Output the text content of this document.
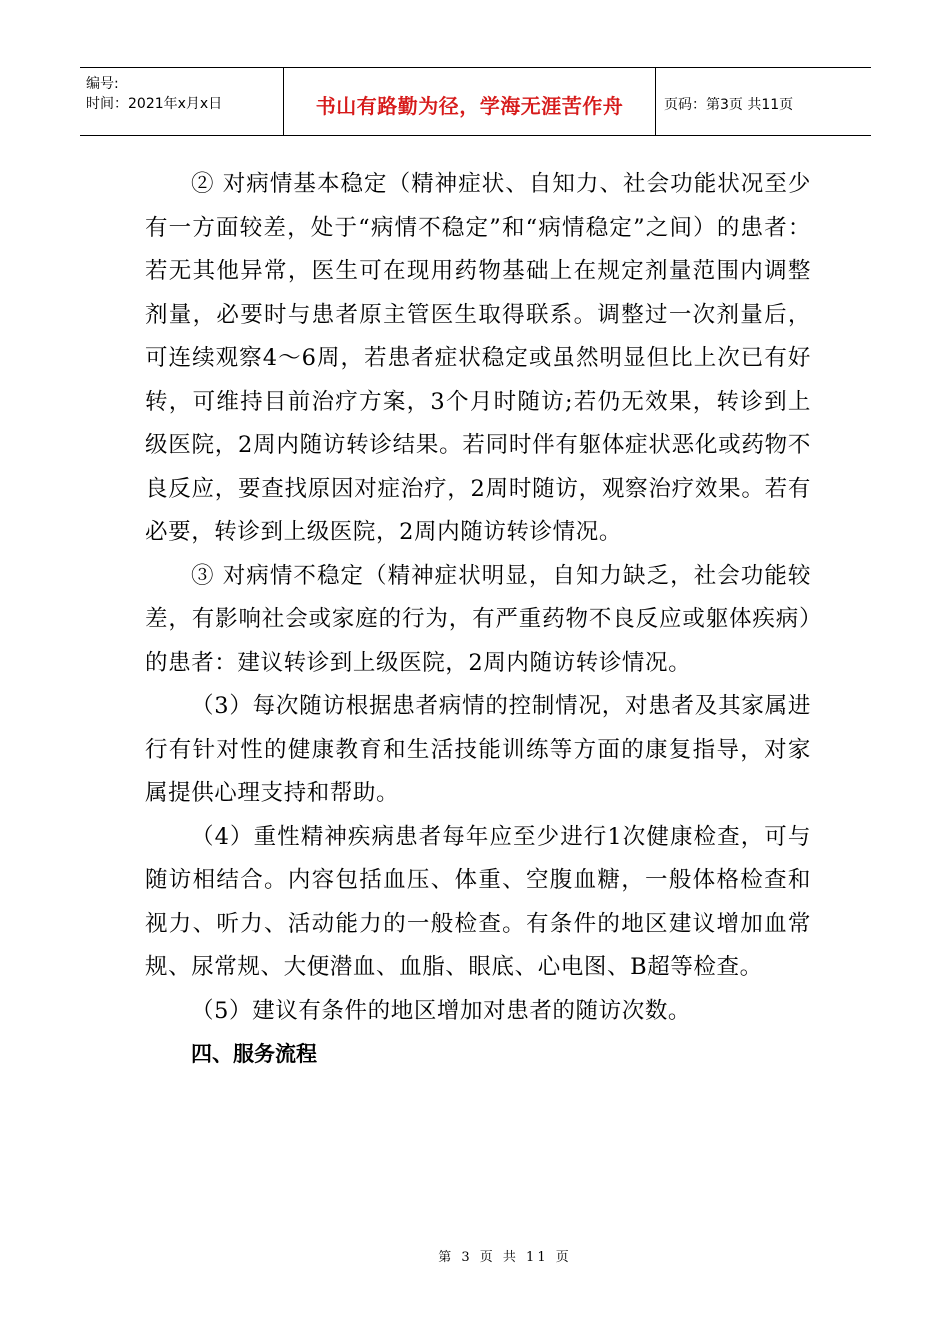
编号:
时间：2021年x月x日	书山有路勤为径，学海无涯苦作舟	页码：第3页 共11页

② 对病情基本稳定（精神症状、自知力、社会功能状况至少有一方面较差，处于“病情不稳定”和“病情稳定”之间）的患者：若无其他异常，医生可在现用药物基础上在规定剂量范围内调整剂量，必要时与患者原主管医生取得联系。调整过一次剂量后，可连续观察4～6周，若患者症状稳定或虽然明显但比上次已有好转，可维持目前治疗方案，3个月时随访;若仍无效果，转诊到上级医院，2周内随访转诊结果。若同时伴有躯体症状恶化或药物不良反应，要查找原因对症治疗，2周时随访，观察治疗效果。若有必要，转诊到上级医院，2周内随访转诊情况。

③ 对病情不稳定（精神症状明显，自知力缺乏，社会功能较差，有影响社会或家庭的行为，有严重药物不良反应或躯体疾病）的患者：建议转诊到上级医院，2周内随访转诊情况。

（3）每次随访根据患者病情的控制情况，对患者及其家属进行有针对性的健康教育和生活技能训练等方面的康复指导，对家属提供心理支持和帮助。

（4）重性精神疾病患者每年应至少进行1次健康检查，可与随访相结合。内容包括血压、体重、空腹血糖，一般体格检查和视力、听力、活动能力的一般检查。有条件的地区建议增加血常规、尿常规、大便潜血、血脂、眼底、心电图、B超等检查。

（5）建议有条件的地区增加对患者的随访次数。

四、服务流程

第 3 页 共 11 页
